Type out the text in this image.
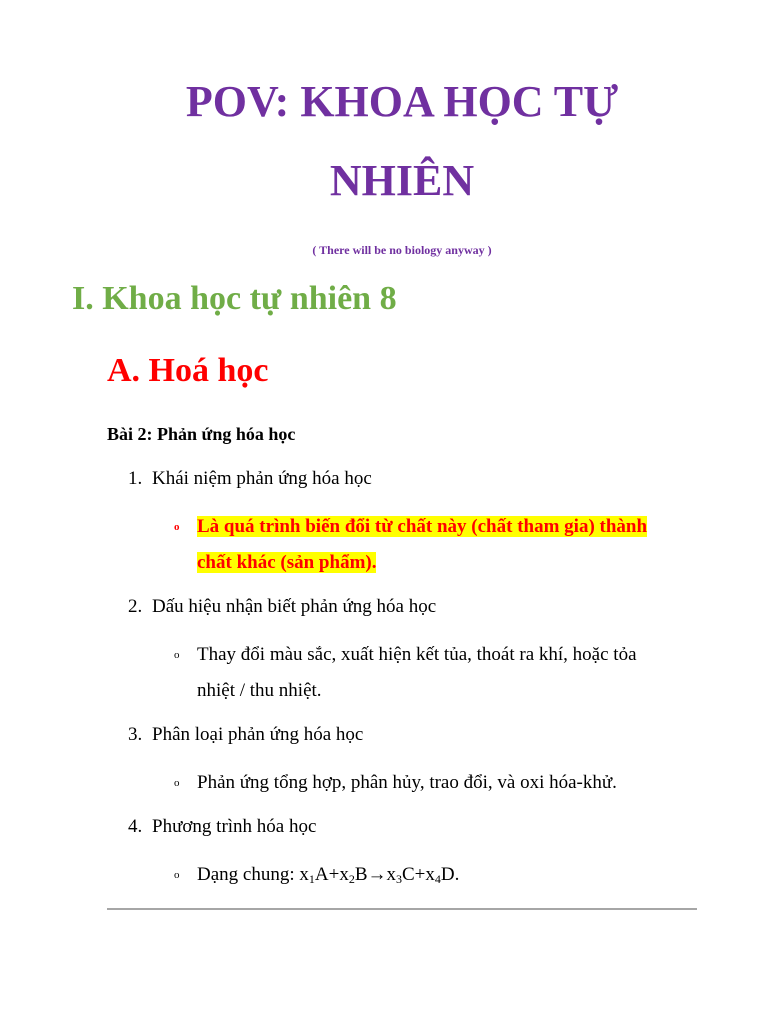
POV: KHOA HỌC TỰ
NHIÊN
( There will be no biology anyway )
I. Khoa học tự nhiên 8
A. Hoá học
Bài 2: Phản ứng hóa học
1. Khái niệm phản ứng hóa học
o Là quá trình biến đổi từ chất này (chất tham gia) thành
chất khác (sản phẩm).
2. Dấu hiệu nhận biết phản ứng hóa học
o Thay đổi màu sắc, xuất hiện kết tủa, thoát ra khí, hoặc tỏa
nhiệt / thu nhiệt.
3. Phân loại phản ứng hóa học
o Phản ứng tổng hợp, phân hủy, trao đổi, và oxi hóa-khử.
4. Phương trình hóa học
o Dạng chung: $x_1A+x_2B\to x_3C+x_4D$.
